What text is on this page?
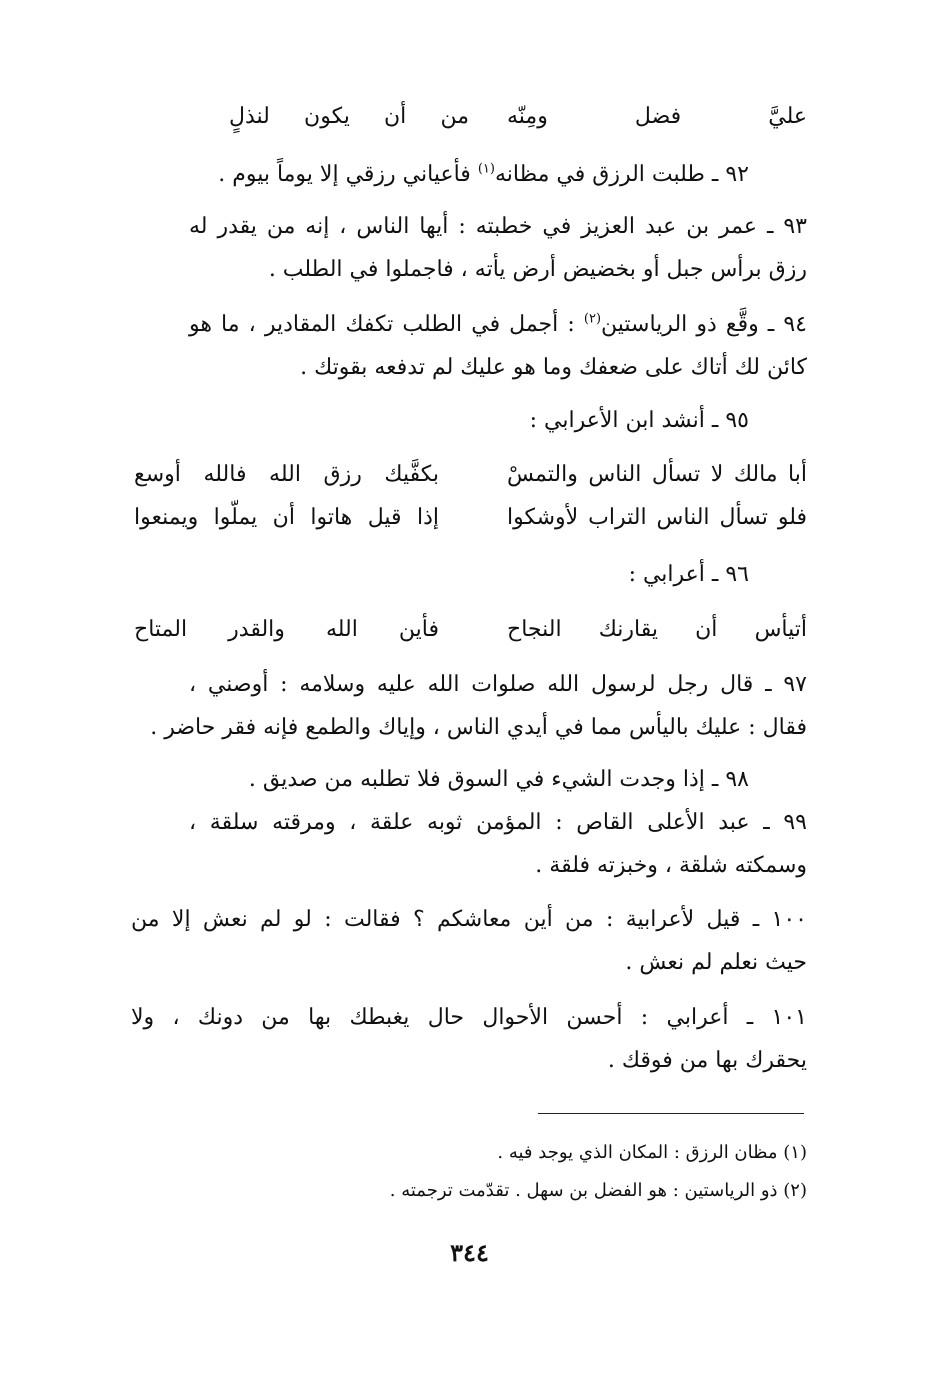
عليَّ فضل ومِنّه
من أن يكون لنذلٍ
٩٢ ـ طلبت الرزق في مظانه$^{(١)}$ فأعياني رزقي إلا يوماً بيوم .
٩٣ ـ عمر بن عبد العزيز في خطبته : أيها الناس ، إنه من يقدر له
رزق برأس جبل أو بخضيض أرض يأته ، فاجملوا في الطلب .
٩٤ ـ وقَّع ذو الرياستين$^{(٢)}$ : أجمل في الطلب تكفك المقادير ، ما هو
كائن لك أتاك على ضعفك وما هو عليك لم تدفعه بقوتك .
٩٥ ـ أنشد ابن الأعرابي :
أبا مالك لا تسأل الناس والتمسْ
بكفَّيك رزق الله فالله أوسع
فلو تسأل الناس التراب لأوشكوا
إذا قيل هاتوا أن يملّوا ويمنعوا
٩٦ ـ أعرابي :
أتيأس أن يقارنك النجاح
فأين الله والقدر المتاح
٩٧ ـ قال رجل لرسول الله صلوات الله عليه وسلامه : أوصني ،
فقال : عليك باليأس مما في أيدي الناس ، وإياك والطمع فإنه فقر حاضر .
٩٨ ـ إذا وجدت الشيء في السوق فلا تطلبه من صديق .
٩٩ ـ عبد الأعلى القاص : المؤمن ثوبه علقة ، ومرقته سلقة ،
وسمكته شلقة ، وخبزته فلقة .
١٠٠ ـ قيل لأعرابية : من أين معاشكم ؟ فقالت : لو لم نعش إلا من
حيث نعلم لم نعش .
١٠١ ـ أعرابي : أحسن الأحوال حال يغبطك بها من دونك ، ولا
يحقرك بها من فوقك .
(١) مظان الرزق : المكان الذي يوجد فيه .
(٢) ذو الرياستين : هو الفضل بن سهل . تقدّمت ترجمته .
٣٤٤
